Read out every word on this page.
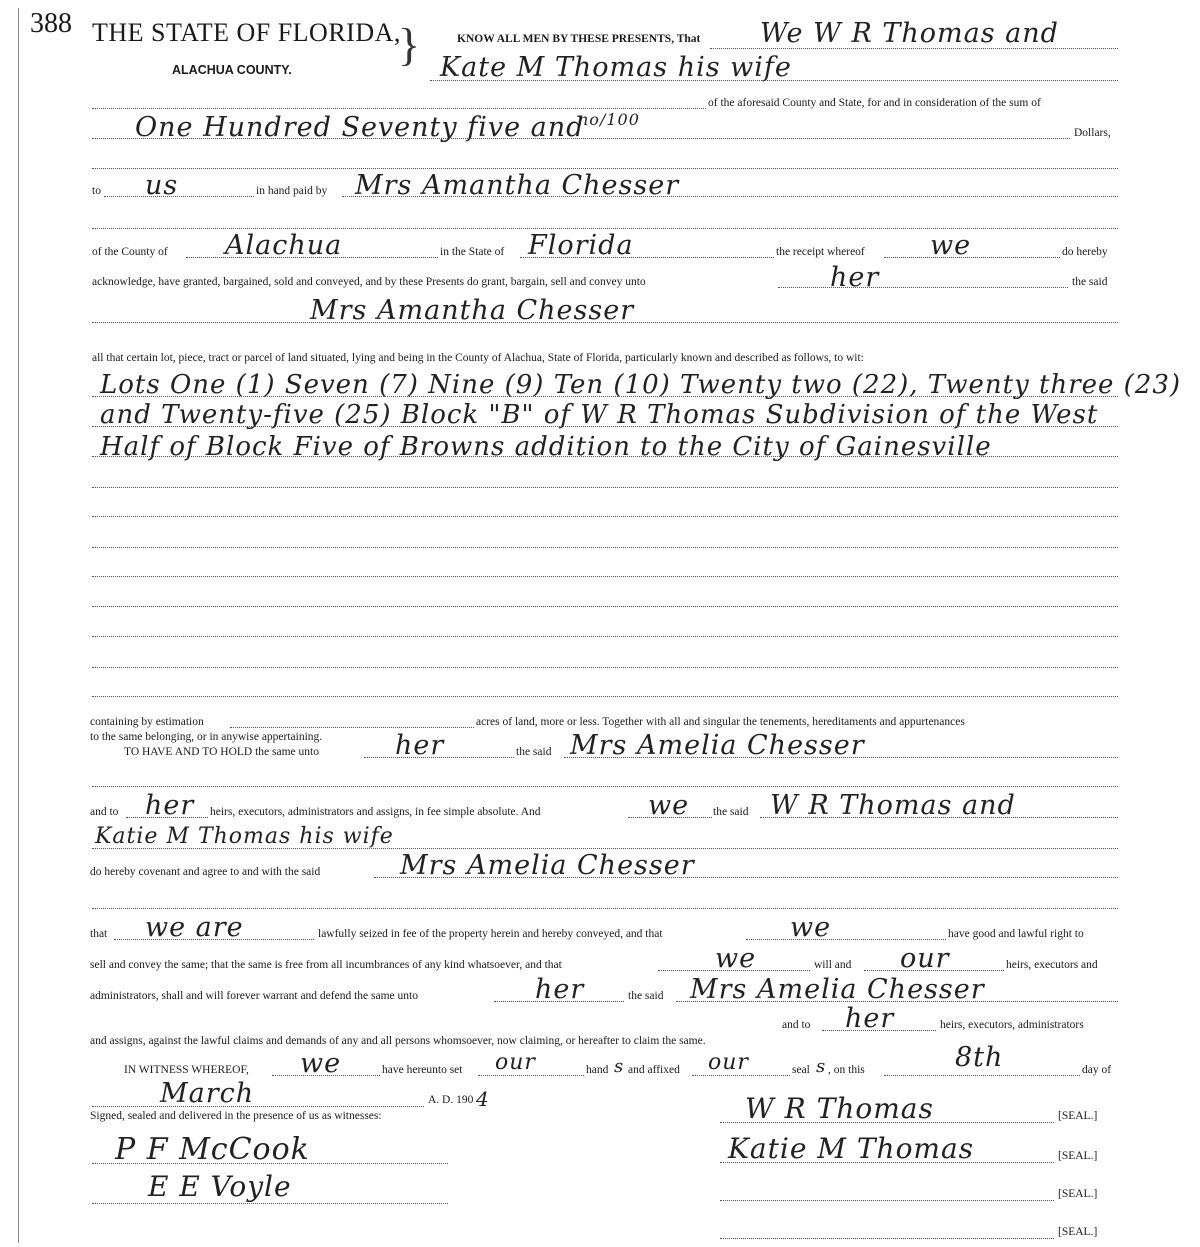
388 THE STATE OF FLORIDA,
}
ALACHUA COUNTY.
KNOW ALL MEN BY THESE PRESENTS, That We W R Thomas and
Kate M Thomas his wife
of the aforesaid County and State, for and in consideration of the sum of
One Hundred Seventy five and
no/100
Dollars,
to us	in hand paid by Mrs Amantha Chesser
of the County of Alachua	in the State of Florida	the receipt whereof we	do hereby
acknowledge, have granted, bargained, sold and conveyed, and by these Presents do grant, bargain, sell and convey unto	her	the said
Mrs Amantha Chesser
all that certain lot, piece, tract or parcel of land situated, lying and being in the County of Alachua, State of Florida, particularly known and described as follows, to wit:
Lots One (1) Seven (7) Nine (9) Ten (10) Twenty two (22), Twenty three (23)
and Twenty-five (25) Block "B" of W R Thomas Subdivision of the West
Half of Block Five of Browns addition to the City of Gainesville
containing by estimation	acres of land, more or less. Together with all and singular the tenements, hereditaments and appurtenances
to the same belonging, or in anywise appertaining.
TO HAVE AND TO HOLD the same unto	her	the said Mrs Amelia Chesser
and to her heirs, executors, administrators and assigns, in fee simple absolute. And	we the said W R Thomas and
Katie M Thomas his wife
do hereby covenant and agree to and with the said	Mrs Amelia Chesser
that we are	lawfully seized in fee of the property herein and hereby conveyed, and that	we	have good and lawful right to
sell and convey the same; that the same is free from all incumbrances of any kind whatsoever, and that	we	will and our	heirs, executors and
administrators, shall and will forever warrant and defend the same unto	her	the said Mrs Amelia Chesser
and to her	heirs, executors, administrators
and assigns, against the lawful claims and demands of any and all persons whomsoever, now claiming, or hereafter to claim the same.
IN WITNESS WHEREOF, we	have hereunto set our	hand s and affixed our	seal s , on this	8th	day of
March	A. D. 190 4
Signed, sealed and delivered in the presence of us as witnesses:
P F McCook
E E Voyle
W R Thomas	[SEAL.]
Katie M Thomas	[SEAL.]
[SEAL.]
[SEAL.]
